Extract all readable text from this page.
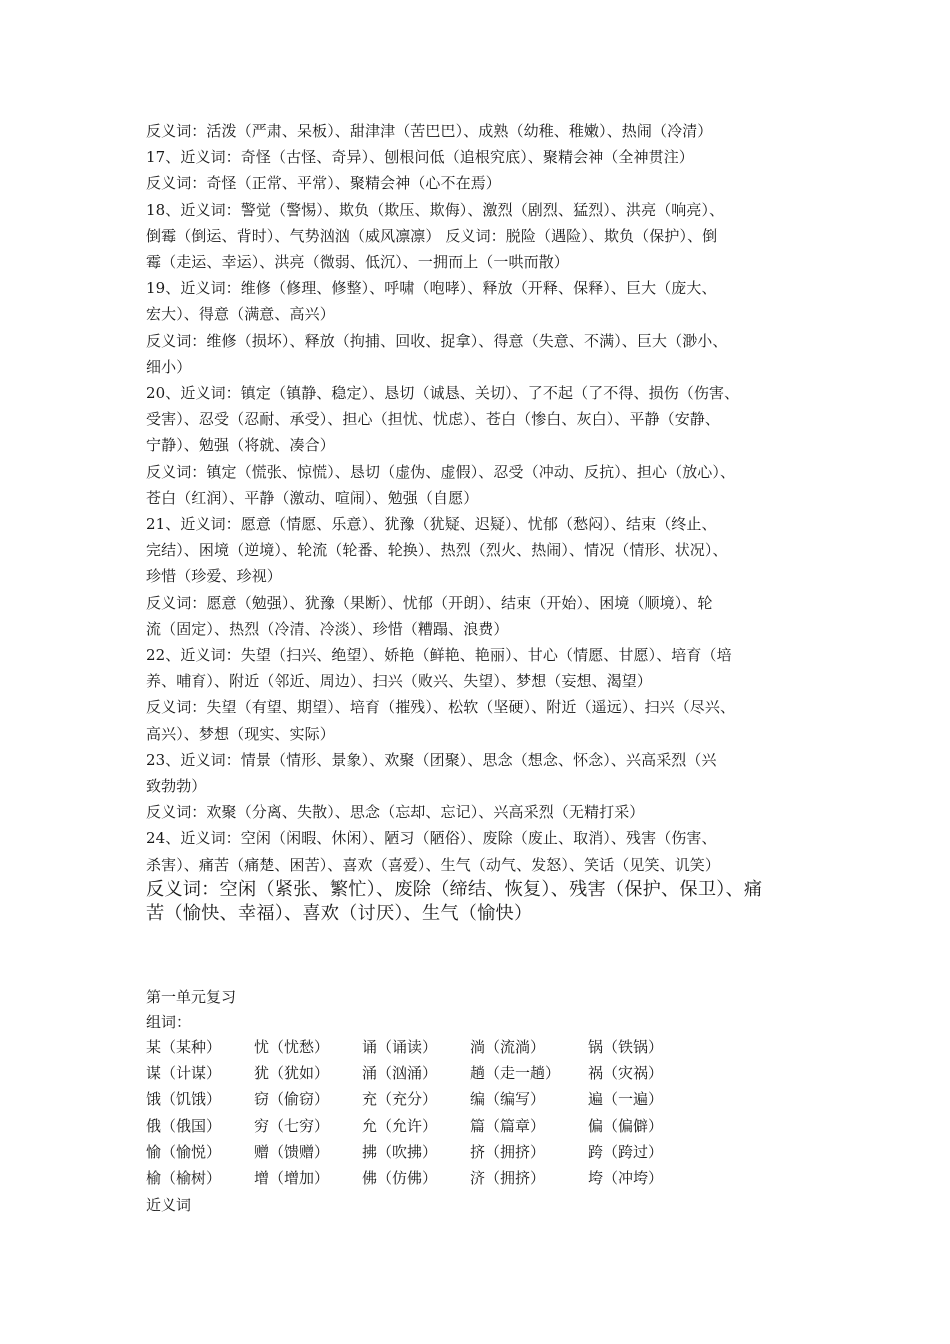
反义词：活泼（严肃、呆板）、甜津津（苦巴巴）、成熟（幼稚、稚嫩）、热闹（冷清）
17、近义词：奇怪（古怪、奇异）、刨根问低（追根究底）、聚精会神（全神贯注）
反义词：奇怪（正常、平常）、聚精会神（心不在焉）
18、近义词：警觉（警惕）、欺负（欺压、欺侮）、激烈（剧烈、猛烈）、洪亮（响亮）、
倒霉（倒运、背时）、气势汹汹（威风凛凛） 反义词：脱险（遇险）、欺负（保护）、倒
霉（走运、幸运）、洪亮（微弱、低沉）、一拥而上（一哄而散）
19、近义词：维修（修理、修整）、呼啸（咆哮）、释放（开释、保释）、巨大（庞大、
宏大）、得意（满意、高兴）
反义词：维修（损坏）、释放（拘捕、回收、捉拿）、得意（失意、不满）、巨大（渺小、
细小）
20、近义词：镇定（镇静、稳定）、恳切（诚恳、关切）、了不起（了不得、损伤（伤害、
受害）、忍受（忍耐、承受）、担心（担忧、忧虑）、苍白（惨白、灰白）、平静（安静、
宁静）、勉强（将就、凑合）
反义词：镇定（慌张、惊慌）、恳切（虚伪、虚假）、忍受（冲动、反抗）、担心（放心）、
苍白（红润）、平静（激动、喧闹）、勉强（自愿）
21、近义词：愿意（情愿、乐意）、犹豫（犹疑、迟疑）、忧郁（愁闷）、结束（终止、
完结）、困境（逆境）、轮流（轮番、轮换）、热烈（烈火、热闹）、情况（情形、状况）、
珍惜（珍爱、珍视）
反义词：愿意（勉强）、犹豫（果断）、忧郁（开朗）、结束（开始）、困境（顺境）、轮
流（固定）、热烈（冷清、冷淡）、珍惜（糟蹋、浪费）
22、近义词：失望（扫兴、绝望）、娇艳（鲜艳、艳丽）、甘心（情愿、甘愿）、培育（培
养、哺育）、附近（邻近、周边）、扫兴（败兴、失望）、梦想（妄想、渴望）
反义词：失望（有望、期望）、培育（摧残）、松软（坚硬）、附近（遥远）、扫兴（尽兴、
高兴）、梦想（现实、实际）
23、近义词：情景（情形、景象）、欢聚（团聚）、思念（想念、怀念）、兴高采烈（兴
致勃勃）
反义词：欢聚（分离、失散）、思念（忘却、忘记）、兴高采烈（无精打采）
24、近义词：空闲（闲暇、休闲）、陋习（陋俗）、废除（废止、取消）、残害（伤害、
杀害）、痛苦（痛楚、困苦）、喜欢（喜爱）、生气（动气、发怒）、笑话（见笑、讥笑）
反义词：空闲（紧张、繁忙）、废除（缔结、恢复）、残害（保护、保卫）、痛
苦（愉快、幸福）、喜欢（讨厌）、生气（愉快）
第一单元复习
组词：
某（某种） 忧（忧愁） 诵（诵读） 淌（流淌）	锅（铁锅）
谋（计谋） 犹（犹如） 涌（汹涌） 趟（走一趟） 祸（灾祸）
饿（饥饿） 窃（偷窃） 充（充分） 编（编写）	遍（一遍）
俄（俄国） 穷（七穷） 允（允许） 篇（篇章）	偏（偏僻）
愉（愉悦） 赠（馈赠） 拂（吹拂） 挤（拥挤）	跨（跨过）
榆（榆树） 增（增加） 佛（仿佛） 济（拥挤）	垮（冲垮）
近义词
